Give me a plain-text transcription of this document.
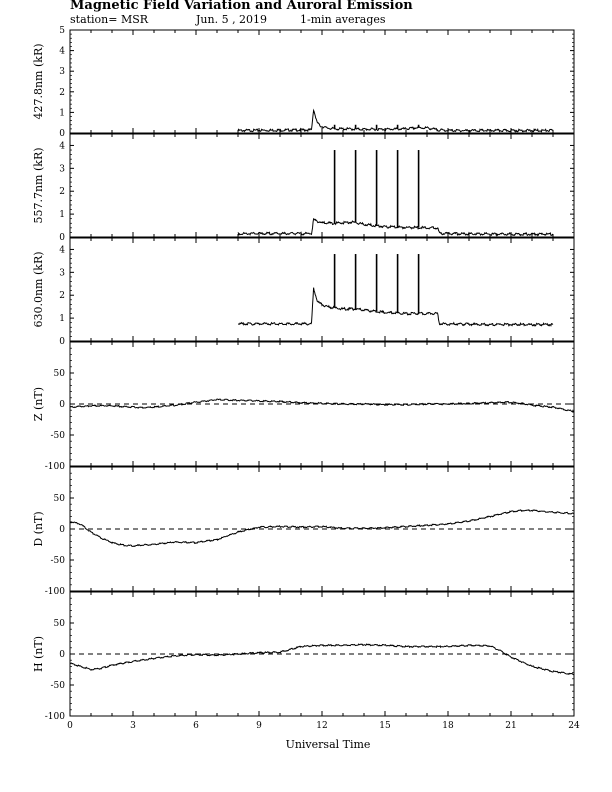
Magnetic Field Variation and Auroral Emission
station= MSR	Jun. 5 , 2019	1-min averages
Universal Time
0
1
2
3
4
5
427.8nm (kR)
0
1
2
3
4
557.7nm (kR)
0
1
2
3
4
630.0nm (kR)
-100
-50
0
50
Z (nT)
-100
-50
0
50
D (nT)
-100
-50
0
50
H (nT)
0	3	6	9	12	15	18	21	24
